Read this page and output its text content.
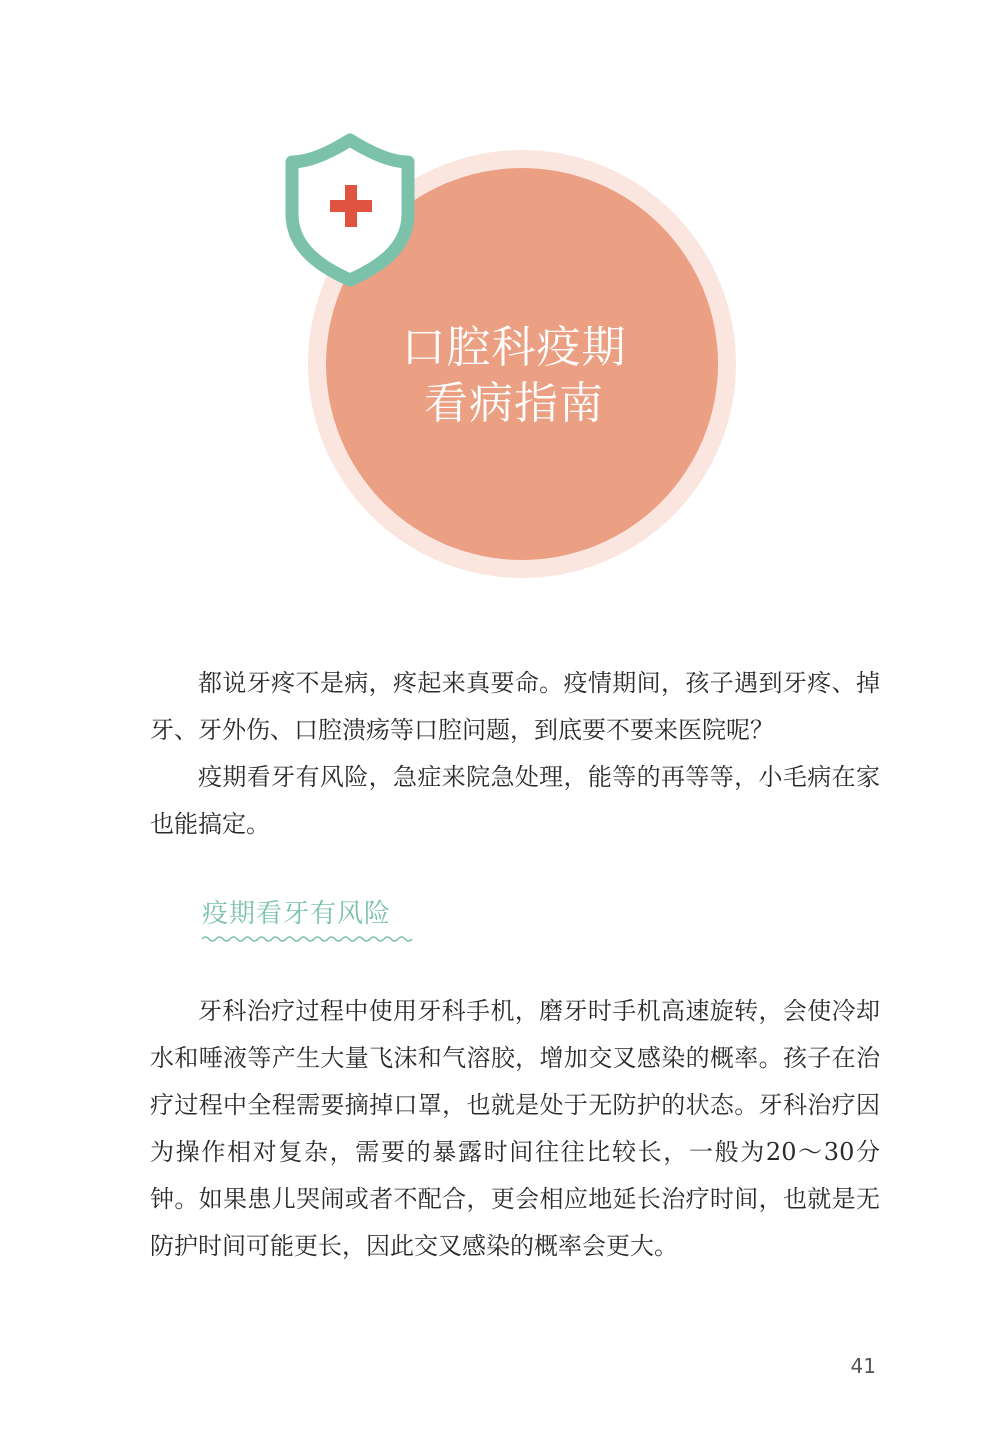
口腔科疫期
看病指南

都说牙疼不是病，疼起来真要命。疫情期间，孩子遇到牙疼、掉牙、牙外伤、口腔溃疡等口腔问题，到底要不要来医院呢？

疫期看牙有风险，急症来院急处理，能等的再等等，小毛病在家也能搞定。

疫期看牙有风险

牙科治疗过程中使用牙科手机，磨牙时手机高速旋转，会使冷却水和唾液等产生大量飞沫和气溶胶，增加交叉感染的概率。孩子在治疗过程中全程需要摘掉口罩，也就是处于无防护的状态。牙科治疗因为操作相对复杂，需要的暴露时间往往比较长，一般为20～30分钟。如果患儿哭闹或者不配合，更会相应地延长治疗时间，也就是无防护时间可能更长，因此交叉感染的概率会更大。

41
